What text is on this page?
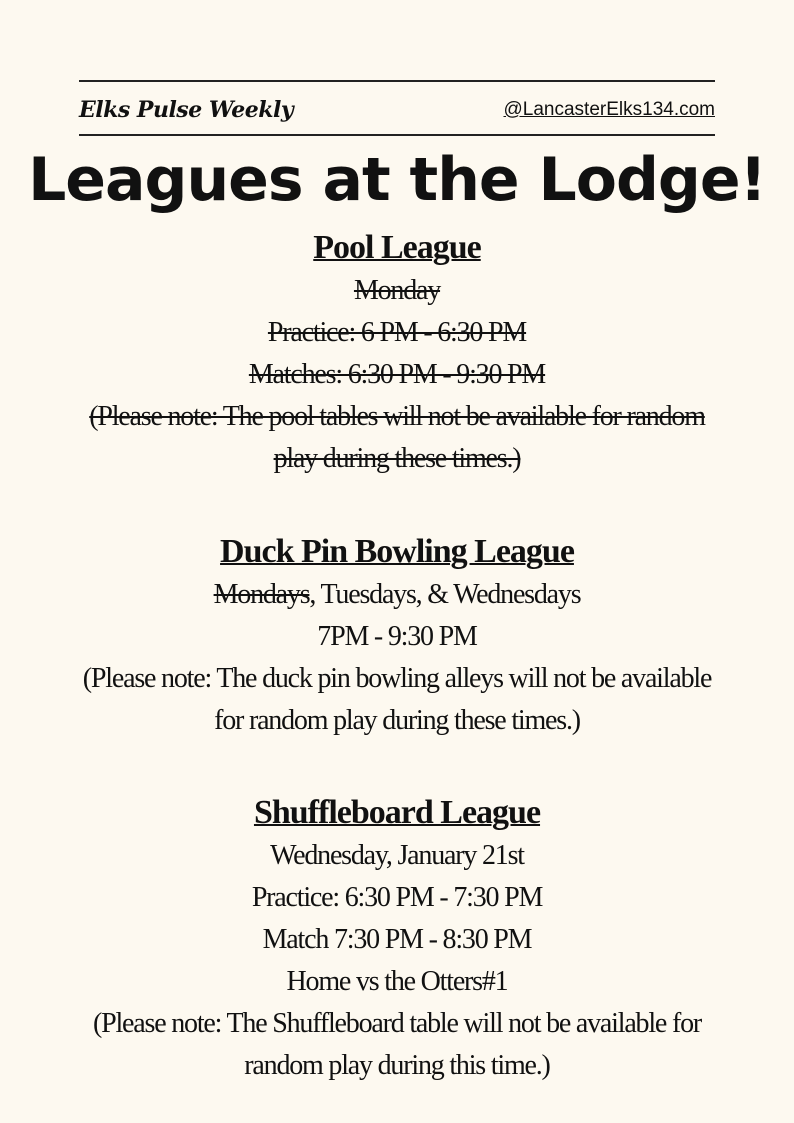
Elks Pulse Weekly	@LancasterElks134.com
Leagues at the Lodge!

Pool League

Monday

Practice: 6 PM - 6:30 PM

Matches: 6:30 PM - 9:30 PM

(Please note: The pool tables will not be available for random

play during these times.)

Duck Pin Bowling League

Mondays, Tuesdays, & Wednesdays

7PM - 9:30 PM

(Please note: The duck pin bowling alleys will not be available

for random play during these times.)

Shuffleboard League

Wednesday, January 21st

Practice: 6:30 PM - 7:30 PM

Match 7:30 PM - 8:30 PM

Home vs the Otters#1

(Please note: The Shuffleboard table will not be available for

random play during this time.)
